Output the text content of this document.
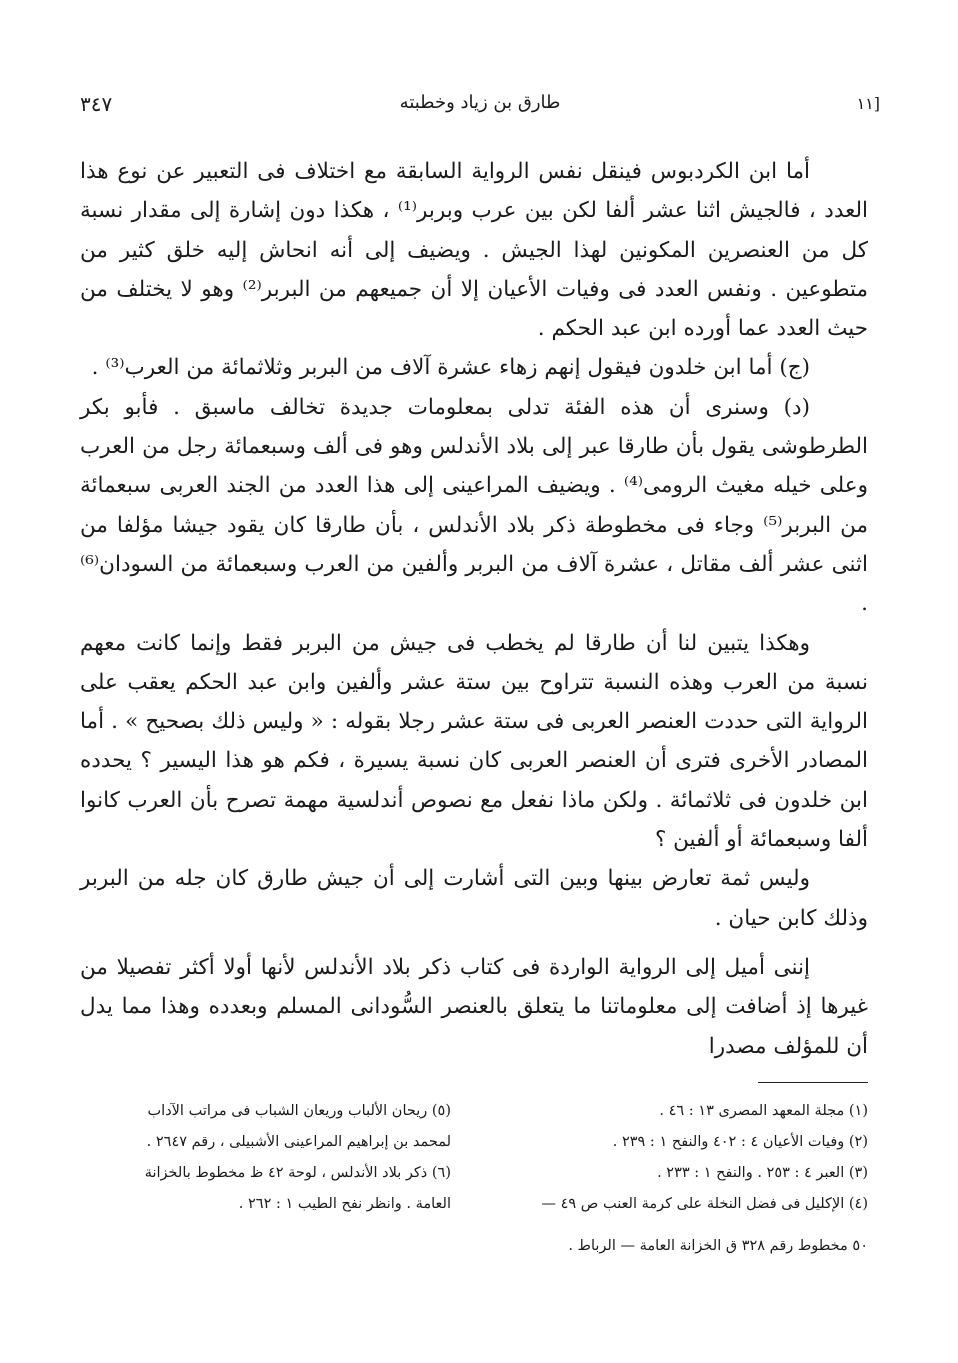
[١١
طارق بن زياد وخطبته
٣٤٧

أما ابن الكردبوس فينقل نفس الرواية السابقة مع اختلاف فى التعبير عن نوع هذا العدد ، فالجيش اثنا عشر ألفا لكن بين عرب وبربر⁽¹⁾ ، هكذا دون إشارة إلى مقدار نسبة كل من العنصرين المكونين لهذا الجيش . ويضيف إلى أنه انحاش إليه خلق كثير من متطوعين . ونفس العدد فى وفيات الأعيان إلا أن جميعهم من البربر⁽²⁾ وهو لا يختلف من حيث العدد عما أورده ابن عبد الحكم .

(ج) أما ابن خلدون فيقول إنهم زهاء عشرة آلاف من البربر وثلاثمائة من العرب⁽³⁾ .

(د) وسنرى أن هذه الفئة تدلى بمعلومات جديدة تخالف ماسبق . فأبو بكر الطرطوشى يقول بأن طارقا عبر إلى بلاد الأندلس وهو فى ألف وسبعمائة رجل من العرب وعلى خيله مغيث الرومى⁽⁴⁾ . ويضيف المراعينى إلى هذا العدد من الجند العربى سبعمائة من البربر⁽⁵⁾ وجاء فى مخطوطة ذكر بلاد الأندلس ، بأن طارقا كان يقود جيشا مؤلفا من اثنى عشر ألف مقاتل ، عشرة آلاف من البربر وألفين من العرب وسبعمائة من السودان⁽⁶⁾ .

وهكذا يتبين لنا أن طارقا لم يخطب فى جيش من البربر فقط وإنما كانت معهم نسبة من العرب وهذه النسبة تتراوح بين ستة عشر وألفين وابن عبد الحكم يعقب على الرواية التى حددت العنصر العربى فى ستة عشر رجلا بقوله : « وليس ذلك بصحيح » . أما المصادر الأخرى فترى أن العنصر العربى كان نسبة يسيرة ، فكم هو هذا اليسير ؟ يحدده ابن خلدون فى ثلاثمائة . ولكن ماذا نفعل مع نصوص أندلسية مهمة تصرح بأن العرب كانوا ألفا وسبعمائة أو ألفين ؟

وليس ثمة تعارض بينها وبين التى أشارت إلى أن جيش طارق كان جله من البربر وذلك كابن حيان .

إننى أميل إلى الرواية الواردة فى كتاب ذكر بلاد الأندلس لأنها أولا أكثر تفصيلا من غيرها إذ أضافت إلى معلوماتنا ما يتعلق بالعنصر السُّودانى المسلم وبعدده وهذا مما يدل أن للمؤلف مصدرا

(١) مجلة المعهد المصرى ١٣ : ٤٦ .
(٢) وفيات الأعيان ٤ : ٤٠٢ والنفح ١ : ٢٣٩ .
(٣) العبر ٤ : ٢٥٣ . والنفح ١ : ٢٣٣ .
(٤) الإكليل فى فضل النخلة على كرمة العنب ص ٤٩ —
(٥) ريحان الألباب وريعان الشباب فى مراتب الآداب
لمحمد بن إبراهيم المراعينى الأشبيلى ، رقم ٢٦٤٧ .
(٦) ذكر بلاد الأندلس ، لوحة ٤٢ ظ مخطوط بالخزانة
العامة . وانظر نفح الطيب ١ : ٢٦٢ .
٥٠ مخطوط رقم ٣٢٨ ق الخزانة العامة — الرباط .
